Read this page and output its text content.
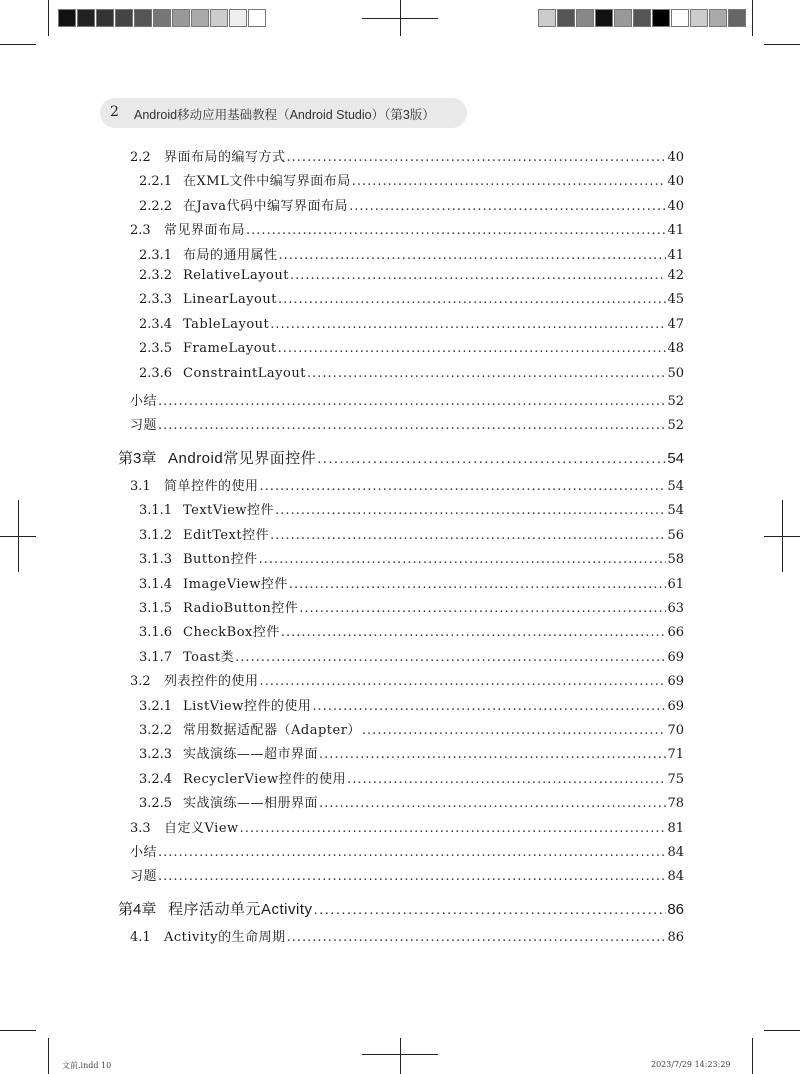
2 Android移动应用基础教程（Android Studio）（第3版）
2.2	界面布局的编写方式 .....	40
2.2.1 在XML文件中编写界面布局 .....	40
2.2.2 在Java代码中编写界面布局 .....	40
2.3	常见界面布局 .....	41
2.3.1 布局的通用属性 .....	41
2.3.2 RelativeLayout .....	42
2.3.3 LinearLayout .....	45
2.3.4 TableLayout .....	47
2.3.5 FrameLayout .....	48
2.3.6 ConstraintLayout .....	50
小结 .....	52
习题 .....	52
第3章 Android常见界面控件 .....	54
3.1	简单控件的使用 .....	54
3.1.1 TextView控件 .....	54
3.1.2 EditText控件 .....	56
3.1.3 Button控件 .....	58
3.1.4 ImageView控件 .....	61
3.1.5 RadioButton控件 .....	63
3.1.6 CheckBox控件 .....	66
3.1.7 Toast类 .....	69
3.2	列表控件的使用 .....	69
3.2.1 ListView控件的使用 .....	69
3.2.2 常用数据适配器（Adapter） .....	70
3.2.3 实战演练——超市界面 .....	71
3.2.4 RecyclerView控件的使用 .....	75
3.2.5 实战演练——相册界面 .....	78
3.3	自定义View .....	81
小结 .....	84
习题 .....	84
第4章 程序活动单元Activity .....	86
4.1	Activity的生命周期 .....	86
文前.indd 10	2023/7/29 14:23:29
